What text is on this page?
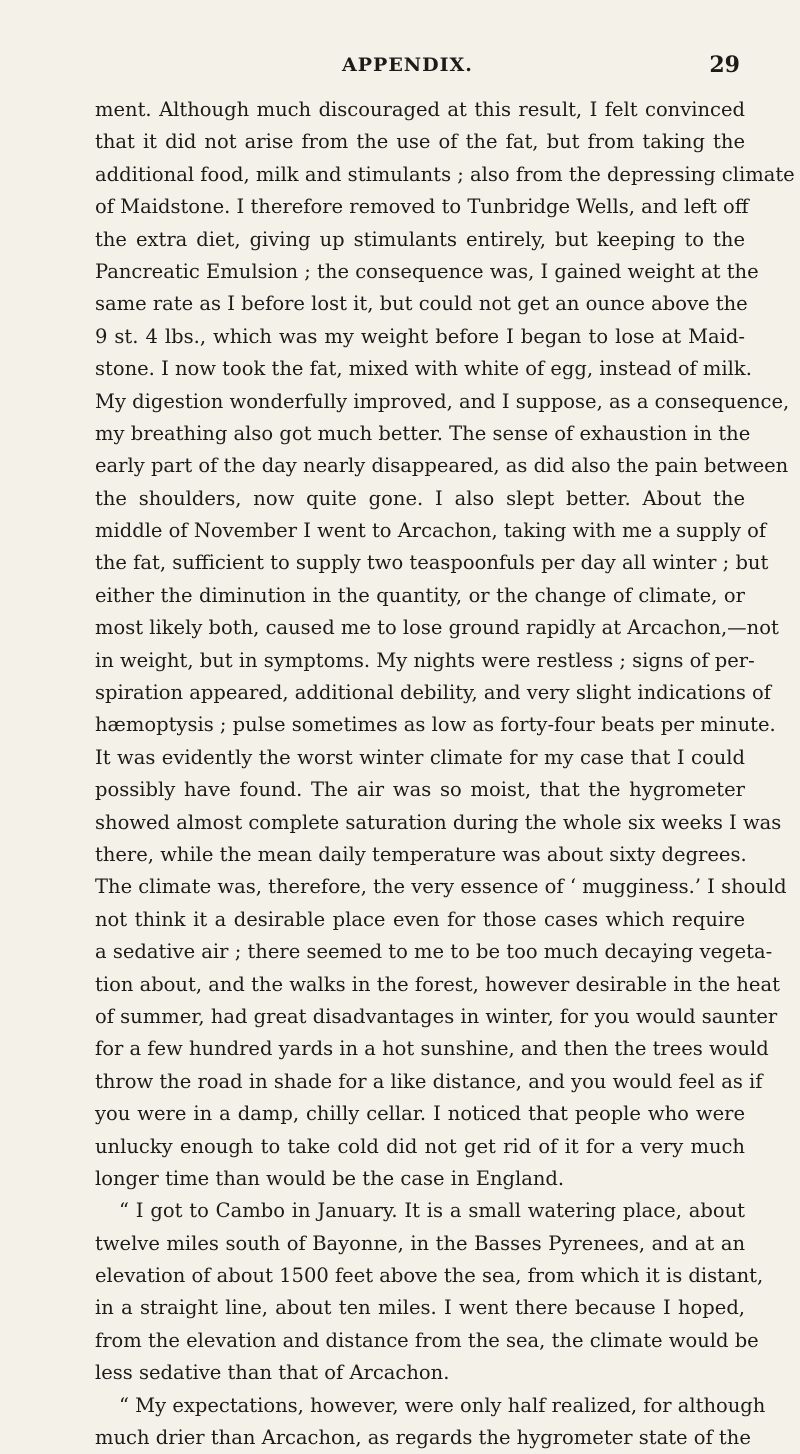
APPENDIX.	29
ment. Although much discouraged at this result, I felt convinced
that it did not arise from the use of the fat, but from taking the
additional food, milk and stimulants ; also from the depressing climate
of Maidstone. I therefore removed to Tunbridge Wells, and left off
the extra diet, giving up stimulants entirely, but keeping to the
Pancreatic Emulsion ; the consequence was, I gained weight at the
same rate as I before lost it, but could not get an ounce above the
9 st. 4 lbs., which was my weight before I began to lose at Maid-
stone. I now took the fat, mixed with white of egg, instead of milk.
My digestion wonderfully improved, and I suppose, as a consequence,
my breathing also got much better. The sense of exhaustion in the
early part of the day nearly disappeared, as did also the pain between
the shoulders, now quite gone. I also slept better. About the
middle of November I went to Arcachon, taking with me a supply of
the fat, sufficient to supply two teaspoonfuls per day all winter ; but
either the diminution in the quantity, or the change of climate, or
most likely both, caused me to lose ground rapidly at Arcachon,—not
in weight, but in symptoms. My nights were restless ; signs of per-
spiration appeared, additional debility, and very slight indications of
hæmoptysis ; pulse sometimes as low as forty-four beats per minute.
It was evidently the worst winter climate for my case that I could
possibly have found. The air was so moist, that the hygrometer
showed almost complete saturation during the whole six weeks I was
there, while the mean daily temperature was about sixty degrees.
The climate was, therefore, the very essence of ‘ mugginess.’ I should
not think it a desirable place even for those cases which require
a sedative air ; there seemed to me to be too much decaying vegeta-
tion about, and the walks in the forest, however desirable in the heat
of summer, had great disadvantages in winter, for you would saunter
for a few hundred yards in a hot sunshine, and then the trees would
throw the road in shade for a like distance, and you would feel as if
you were in a damp, chilly cellar. I noticed that people who were
unlucky enough to take cold did not get rid of it for a very much
longer time than would be the case in England.
“ I got to Cambo in January. It is a small watering place, about
twelve miles south of Bayonne, in the Basses Pyrenees, and at an
elevation of about 1500 feet above the sea, from which it is distant,
in a straight line, about ten miles. I went there because I hoped,
from the elevation and distance from the sea, the climate would be
less sedative than that of Arcachon.
“ My expectations, however, were only half realized, for although
much drier than Arcachon, as regards the hygrometer state of the
